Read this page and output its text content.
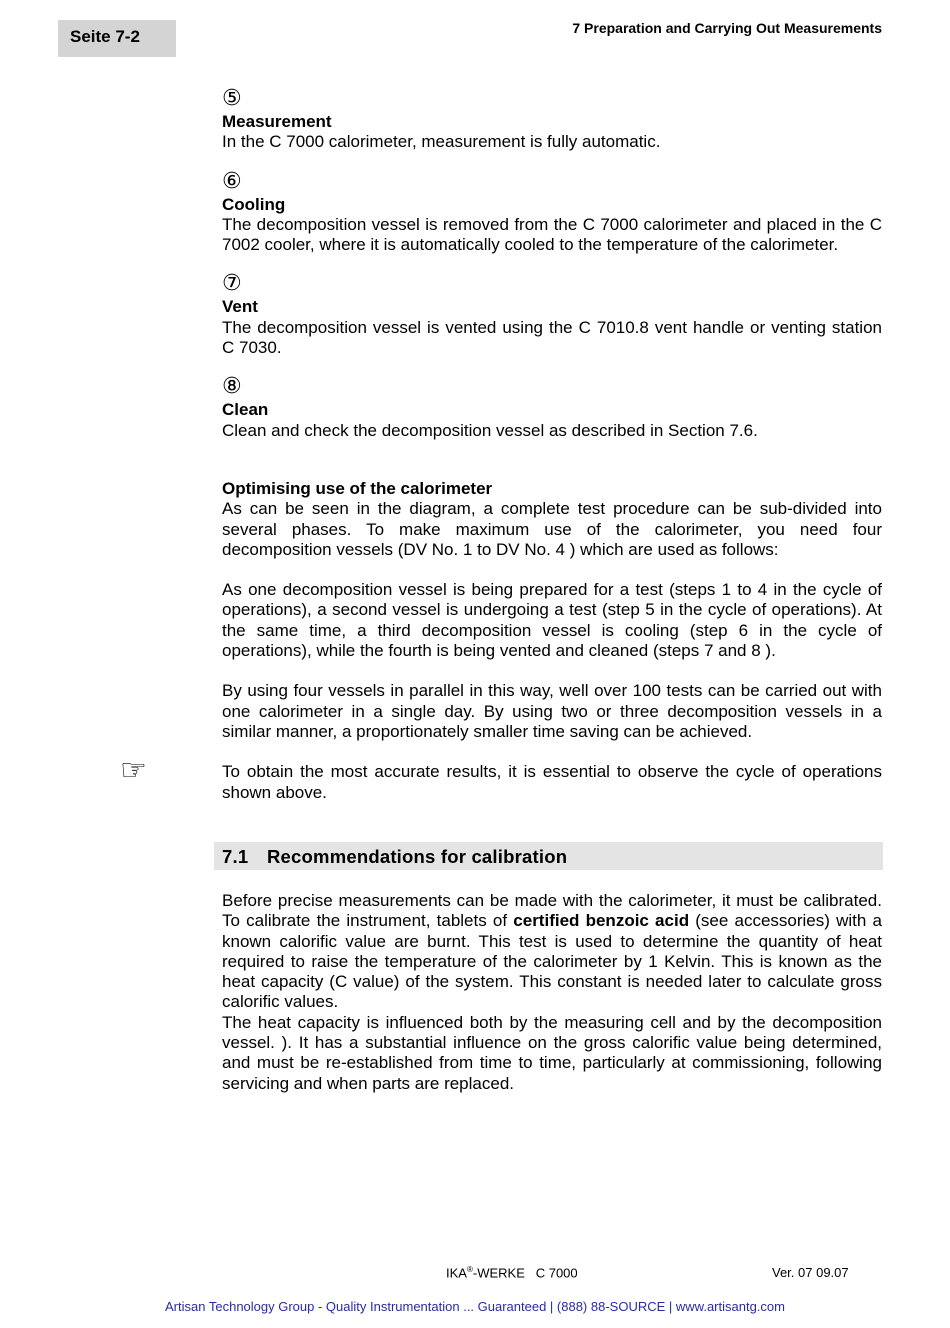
Seite 7-2	7 Preparation and Carrying Out Measurements
⑤
Measurement
In the C 7000 calorimeter, measurement is fully automatic.
⑥
Cooling
The decomposition vessel is removed from the C 7000 calorimeter and placed in the C 7002 cooler, where it is automatically cooled to the temperature of the calorimeter.
⑦
Vent
The decomposition vessel is vented using the C 7010.8 vent handle or venting station C 7030.
⑧
Clean
Clean and check the decomposition vessel as described in Section 7.6.
Optimising use of the calorimeter
As can be seen in the diagram, a complete test procedure can be sub-divided into several phases. To make maximum use of the calorimeter, you need four decomposition vessels (DV No. 1 to DV No. 4 ) which are used as follows:
As one decomposition vessel is being prepared for a test (steps 1 to 4 in the cycle of operations), a second vessel is undergoing a test (step 5 in the cycle of operations). At the same time, a third decomposition vessel is cooling (step 6 in the cycle of operations), while the fourth is being vented and cleaned (steps 7 and 8 ).
By using four vessels in parallel in this way, well over 100 tests can be carried out with one calorimeter in a single day. By using two or three decomposition vessels in a similar manner, a proportionately smaller time saving can be achieved.
☞	To obtain the most accurate results, it is essential to observe the cycle of operations shown above.
7.1 Recommendations for calibration
Before precise measurements can be made with the calorimeter, it must be calibrated. To calibrate the instrument, tablets of certified benzoic acid (see accessories) with a known calorific value are burnt. This test is used to determine the quantity of heat required to raise the temperature of the calorimeter by 1 Kelvin. This is known as the heat capacity (C value) of the system. This constant is needed later to calculate gross calorific values.
The heat capacity is influenced both by the measuring cell and by the decomposition vessel. ). It has a substantial influence on the gross calorific value being determined, and must be re-established from time to time, particularly at commissioning, following servicing and when parts are replaced.
IKA®-WERKE   C 7000	Ver. 07 09.07
Artisan Technology Group - Quality Instrumentation ... Guaranteed | (888) 88-SOURCE | www.artisantg.com
